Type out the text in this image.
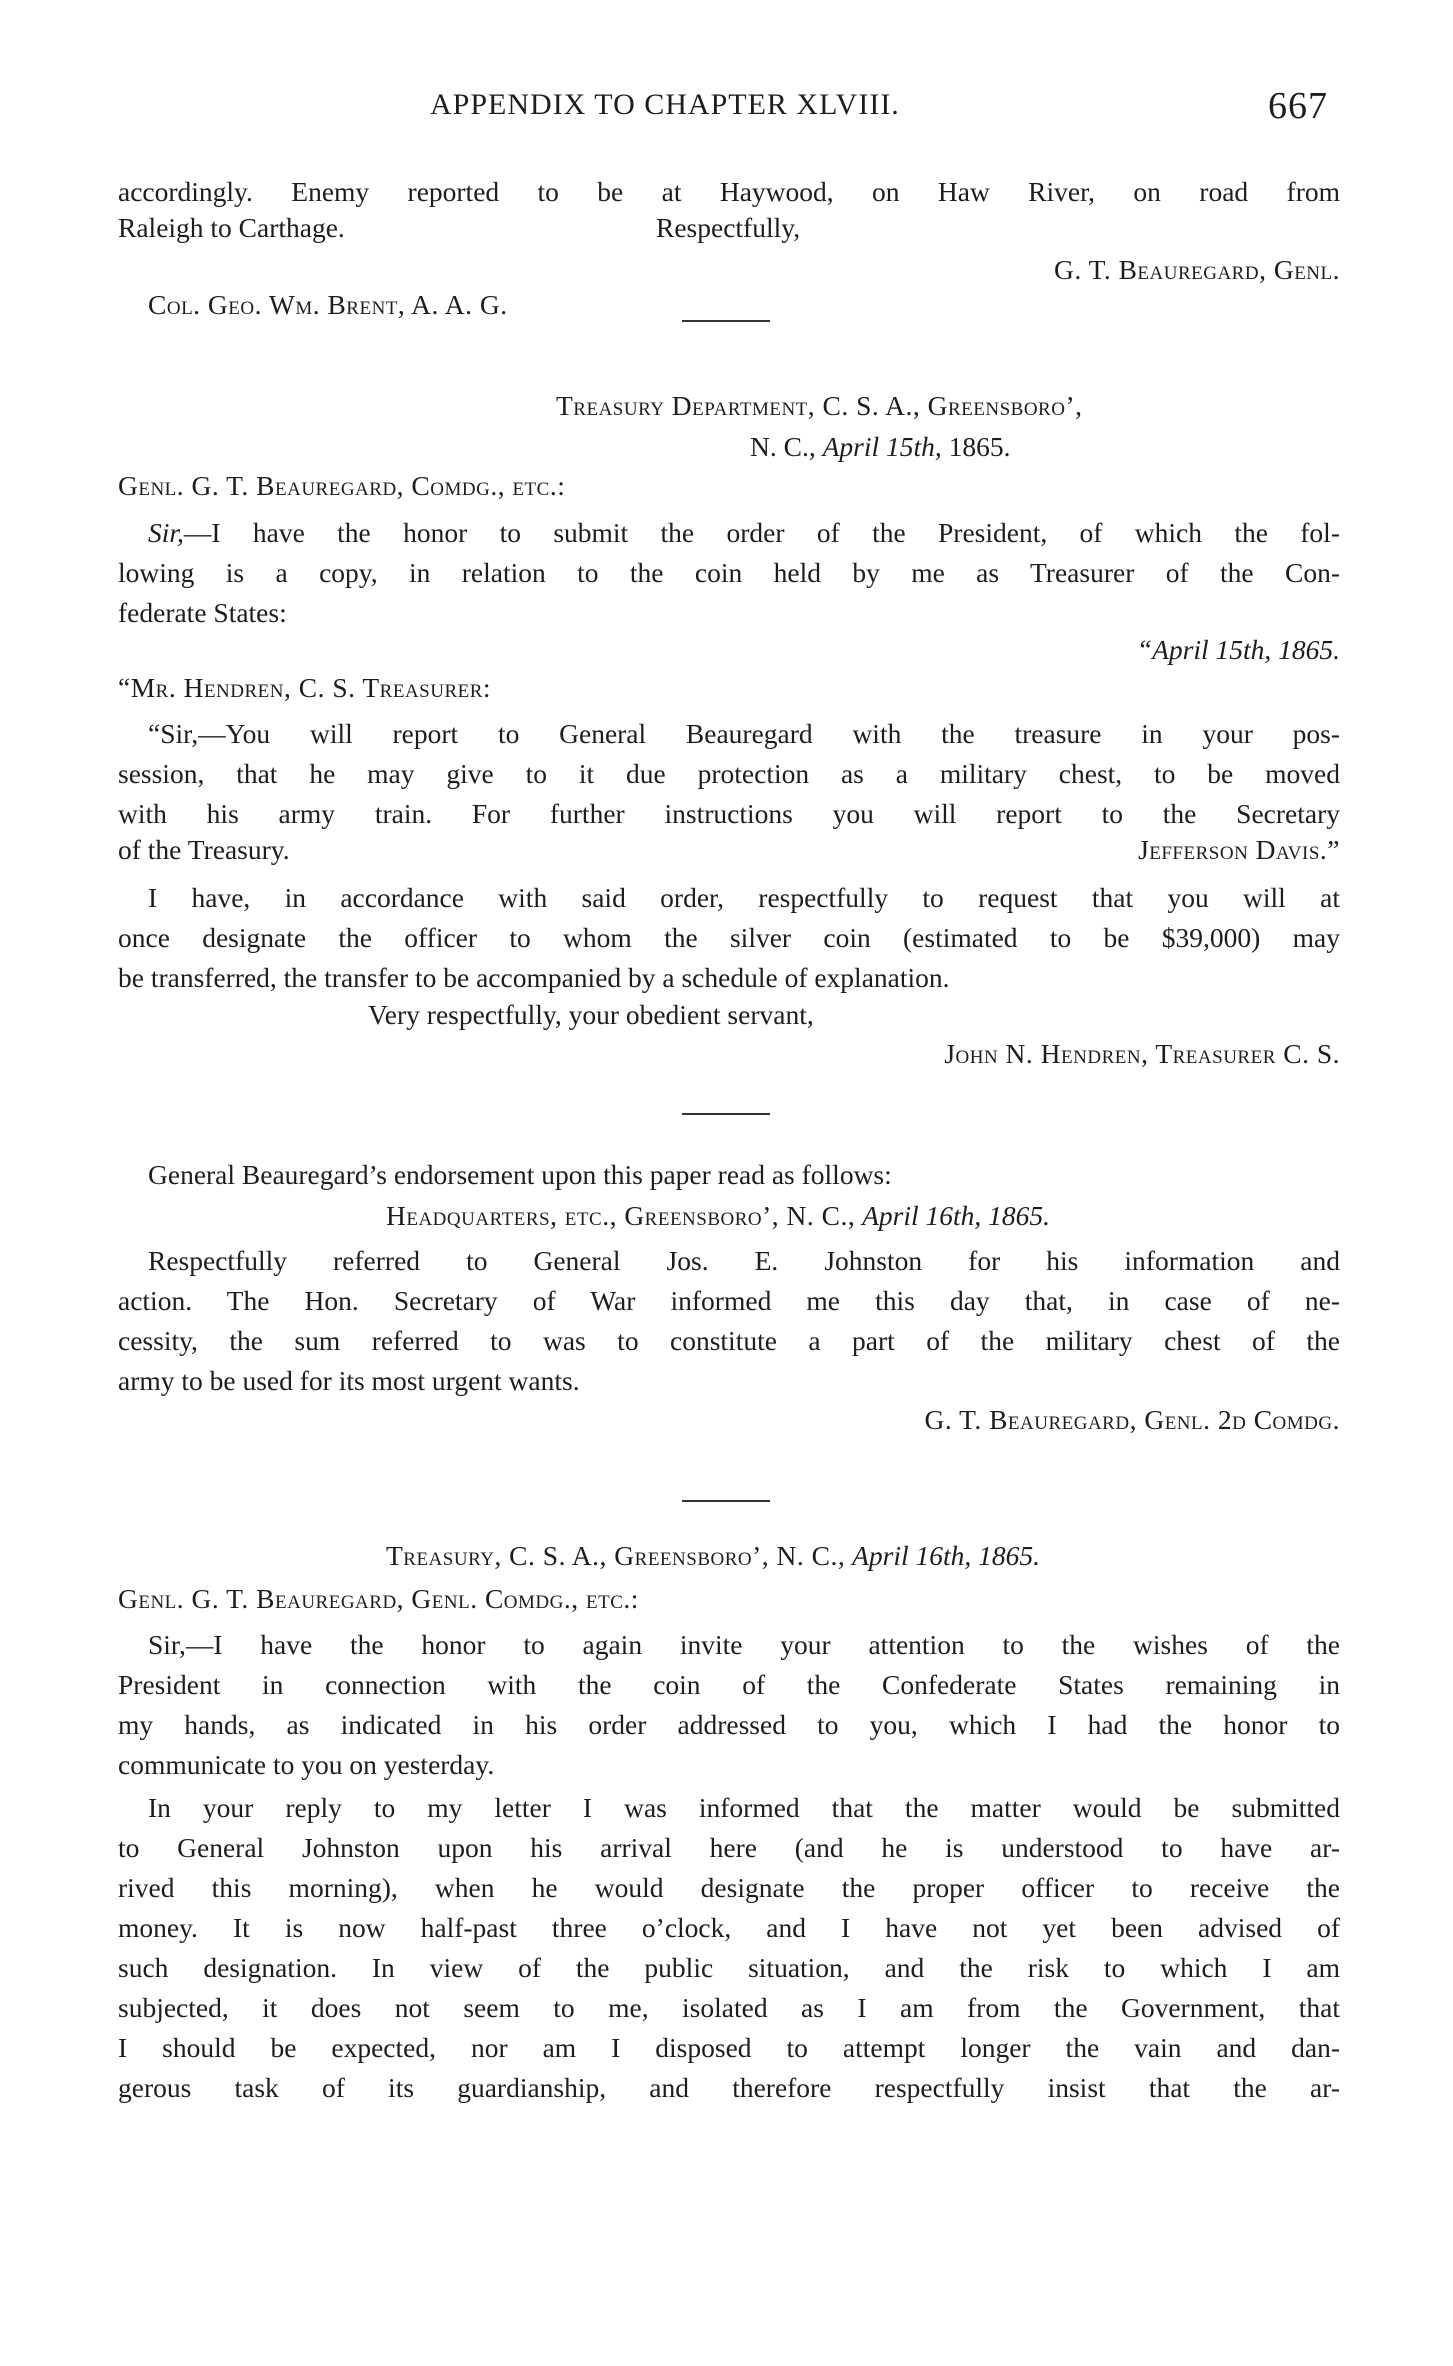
APPENDIX TO CHAPTER XLVIII.	667

accordingly. Enemy reported to be at Haywood, on Haw River, on road from

Raleigh to Carthage.	Respectfully,
G. T. Beauregard, Genl.
Col. Geo. Wm. Brent, A. A. G.
Treasury Department, C. S. A., Greensboro’,
N. C., April 15th, 1865.
Genl. G. T. Beauregard, Comdg., etc.:

Sir,—I have the honor to submit the order of the President, of which the fol-

lowing is a copy, in relation to the coin held by me as Treasurer of the Con-

federate States:

“April 15th, 1865.
“Mr. Hendren, C. S. Treasurer:

“Sir,—You will report to General Beauregard with the treasure in your pos-

session, that he may give to it due protection as a military chest, to be moved

with his army train. For further instructions you will report to the Secretary

of the Treasury.	Jefferson Davis.”

I have, in accordance with said order, respectfully to request that you will at

once designate the officer to whom the silver coin (estimated to be $39,000) may

be transferred, the transfer to be accompanied by a schedule of explanation.

Very respectfully, your obedient servant,
John N. Hendren, Treasurer C. S.
General Beauregard’s endorsement upon this paper read as follows:
Headquarters, etc., Greensboro’, N. C., April 16th, 1865.

Respectfully referred to General Jos. E. Johnston for his information and

action. The Hon. Secretary of War informed me this day that, in case of ne-

cessity, the sum referred to was to constitute a part of the military chest of the

army to be used for its most urgent wants.

G. T. Beauregard, Genl. 2d Comdg.
Treasury, C. S. A., Greensboro’, N. C., April 16th, 1865.
Genl. G. T. Beauregard, Genl. Comdg., etc.:

Sir,—I have the honor to again invite your attention to the wishes of the

President in connection with the coin of the Confederate States remaining in

my hands, as indicated in his order addressed to you, which I had the honor to

communicate to you on yesterday.

In your reply to my letter I was informed that the matter would be submitted

to General Johnston upon his arrival here (and he is understood to have ar-

rived this morning), when he would designate the proper officer to receive the

money. It is now half-past three o’clock, and I have not yet been advised of

such designation. In view of the public situation, and the risk to which I am

subjected, it does not seem to me, isolated as I am from the Government, that

I should be expected, nor am I disposed to attempt longer the vain and dan-

gerous task of its guardianship, and therefore respectfully insist that the ar-
